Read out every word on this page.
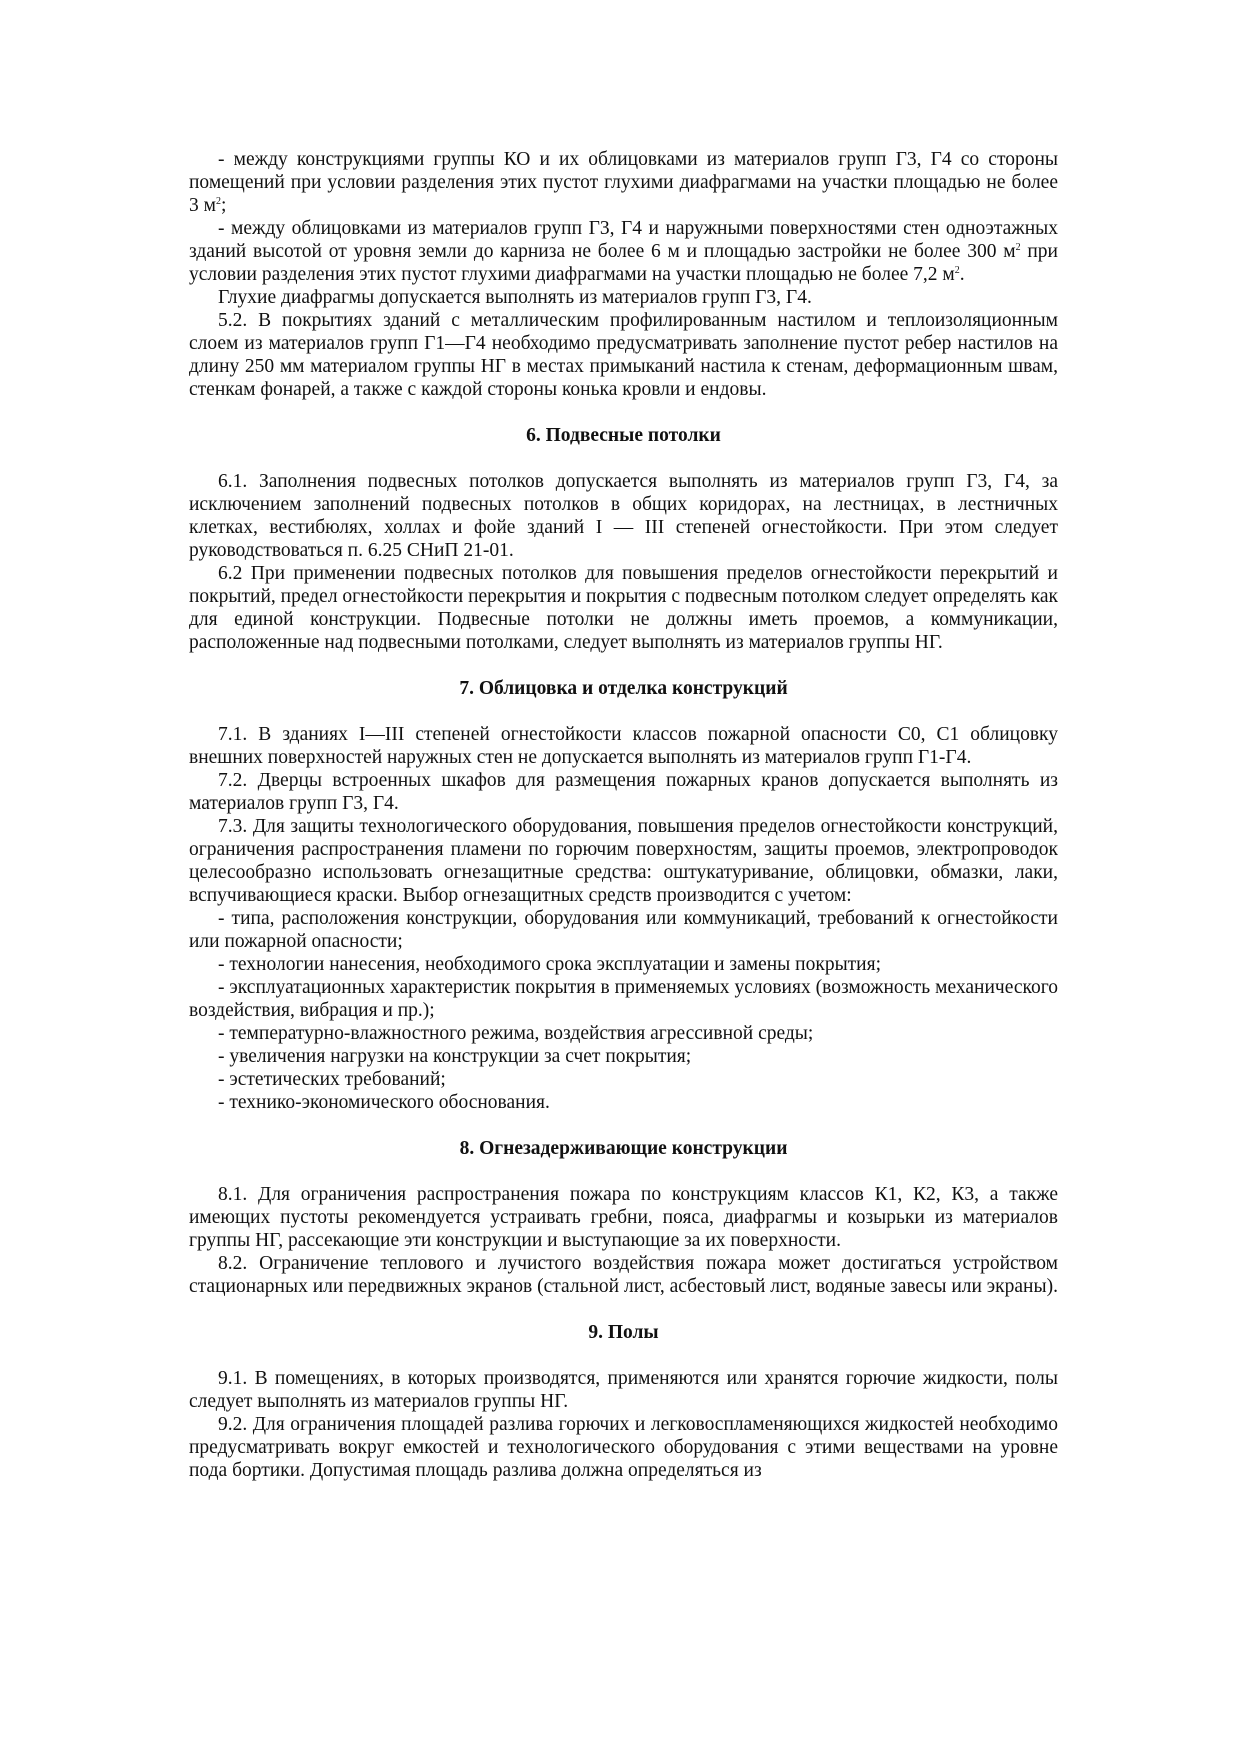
- между конструкциями группы КО и их облицовками из материалов групп Г3, Г4 со стороны помещений при условии разделения этих пустот глухими диафрагмами на участки площадью не более 3 $м^2$;

- между облицовками из материалов групп Г3, Г4 и наружными поверхностями стен одноэтажных зданий высотой от уровня земли до карниза не более 6 м и площадью застройки не более 300 $м^2$ при условии разделения этих пустот глухими диафрагмами на участки площадью не более 7,2 $м^2$.

Глухие диафрагмы допускается выполнять из материалов групп Г3, Г4.

5.2. В покрытиях зданий с металлическим профилированным настилом и теплоизоляционным слоем из материалов групп Г1—Г4 необходимо предусматривать заполнение пустот ребер настилов на длину 250 мм материалом группы НГ в местах примыканий настила к стенам, деформационным швам, стенкам фонарей, а также с каждой стороны конька кровли и ендовы.

6. Подвесные потолки

6.1. Заполнения подвесных потолков допускается выполнять из материалов групп Г3, Г4, за исключением заполнений подвесных потолков в общих коридорах, на лестницах, в лестничных клетках, вестибюлях, холлах и фойе зданий I — III степеней огнестойкости. При этом следует руководствоваться п. 6.25 СНиП 21-01.

6.2 При применении подвесных потолков для повышения пределов огнестойкости перекрытий и покрытий, предел огнестойкости перекрытия и покрытия с подвесным потолком следует определять как для единой конструкции. Подвесные потолки не должны иметь проемов, а коммуникации, расположенные над подвесными потолками, следует выполнять из материалов группы НГ.

7. Облицовка и отделка конструкций

7.1. В зданиях I—III степеней огнестойкости классов пожарной опасности С0, С1 облицовку внешних поверхностей наружных стен не допускается выполнять из материалов групп Г1-Г4.

7.2. Дверцы встроенных шкафов для размещения пожарных кранов допускается выполнять из материалов групп Г3, Г4.

7.3. Для защиты технологического оборудования, повышения пределов огнестойкости конструкций, ограничения распространения пламени по горючим поверхностям, защиты проемов, электропроводок целесообразно использовать огнезащитные средства: оштукатуривание, облицовки, обмазки, лаки, вспучивающиеся краски. Выбор огнезащитных средств производится с учетом:

- типа, расположения конструкции, оборудования или коммуникаций, требований к огнестойкости или пожарной опасности;

- технологии нанесения, необходимого срока эксплуатации и замены покрытия;

- эксплуатационных характеристик покрытия в применяемых условиях (возможность механического воздействия, вибрация и пр.);

- температурно-влажностного режима, воздействия агрессивной среды;

- увеличения нагрузки на конструкции за счет покрытия;

- эстетических требований;

- технико-экономического обоснования.

8. Огнезадерживающие конструкции

8.1. Для ограничения распространения пожара по конструкциям классов К1, К2, К3, а также имеющих пустоты рекомендуется устраивать гребни, пояса, диафрагмы и козырьки из материалов группы НГ, рассекающие эти конструкции и выступающие за их поверхности.

8.2. Ограничение теплового и лучистого воздействия пожара может достигаться устройством стационарных или передвижных экранов (стальной лист, асбестовый лист, водяные завесы или экраны).

9. Полы

9.1. В помещениях, в которых производятся, применяются или хранятся горючие жидкости, полы следует выполнять из материалов группы НГ.

9.2. Для ограничения площадей разлива горючих и легковоспламеняющихся жидкостей необходимо предусматривать вокруг емкостей и технологического оборудования с этими веществами на уровне пода бортики. Допустимая площадь разлива должна определяться из
